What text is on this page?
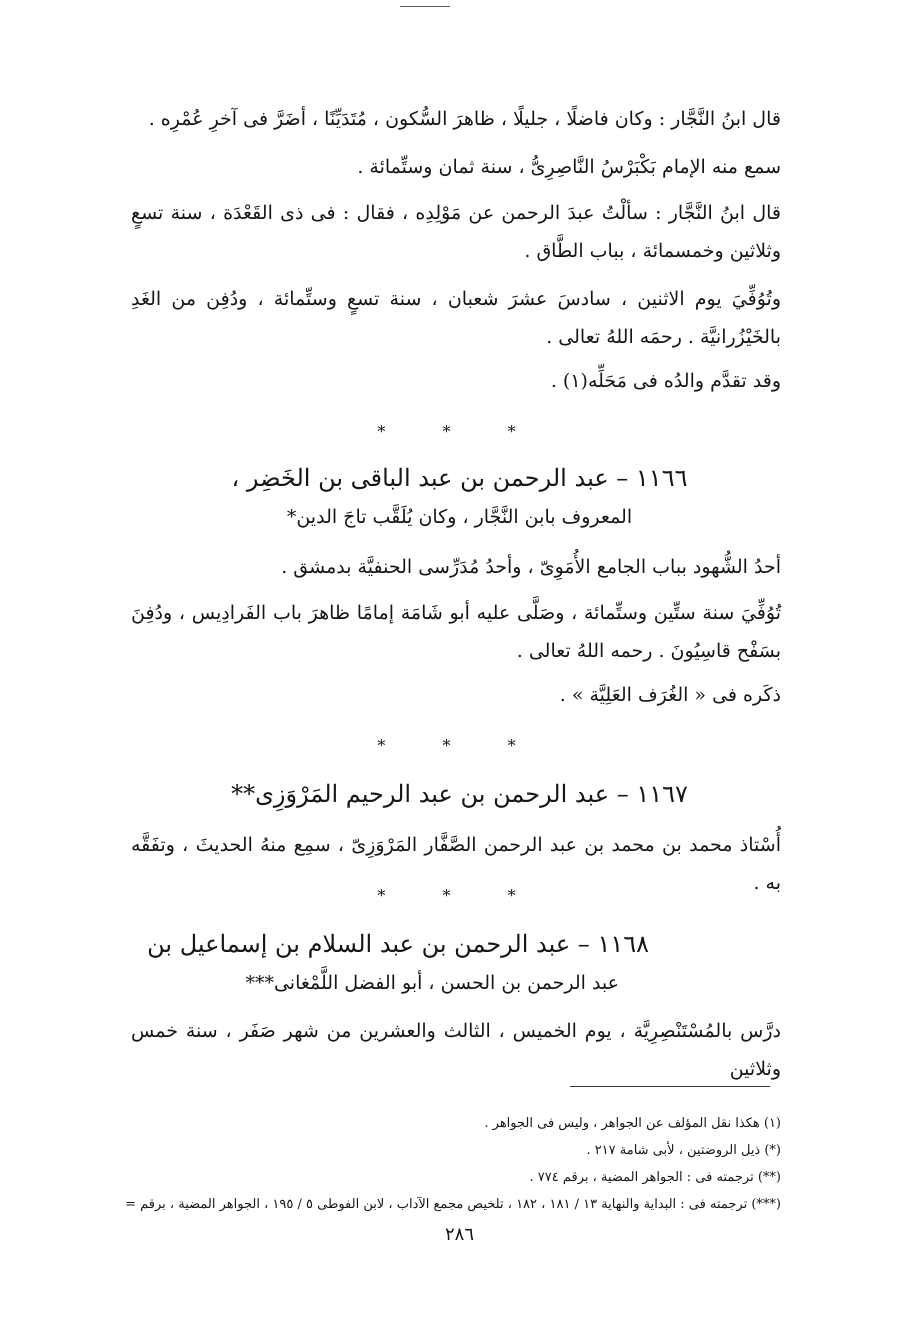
قال ابنُ النَّجَّار : وكان فاضلًا ، جليلًا ، ظاهرَ السُّكون ، مُتَدَيِّنًا ، أضَرَّ فى آخرِ عُمْرِه .
سمع منه الإمام بَكْبَرْسُ النَّاصِرِىُّ ، سنة ثمان وستِّمائة .
قال ابنُ النَّجَّار : سألْتُ عبدَ الرحمن عن مَوْلِدِه ، فقال : فى ذى القَعْدَة ، سنة تسعٍ وثلاثين وخمسمائة ، بباب الطَّاق .
وتُوُفِّيَ يوم الاثنين ، سادسَ عشرَ شعبان ، سنة تسعٍ وستِّمائة ، ودُفِن من الغَدِ بالخَيْزُرانيَّة . رحمَه اللهُ تعالى .
وقد تقدَّم والدُه فى مَحَلِّه(١) .
* * *
١١٦٦ – عبد الرحمن بن عبد الباقى بن الخَضِر ،
المعروف بابن النَّجَّار ، وكان يُلَقَّب تاجَ الدين*
أحدُ الشُّهود بباب الجامع الأُمَوِىّ ، وأحدُ مُدَرِّسى الحنفيَّة بدمشق .
تُوُفِّيَ سنة ستِّين وستِّمائة ، وصَلَّى عليه أبو شَامَة إمامًا ظاهرَ باب الفَرادِيس ، ودُفِنَ بسَفْح قاسِيُونَ . رحمه اللهُ تعالى .
ذكَره فى « الغُرَف العَلِيَّة » .
* * *
١١٦٧ – عبد الرحمن بن عبد الرحيم المَرْوَزِى**
أُسْتاذ محمد بن محمد بن عبد الرحمن الصَّفَّار المَرْوَزِىّ ، سمِع منهُ الحديثَ ، وتفَقَّه به .
* * *
١١٦٨ – عبد الرحمن بن عبد السلام بن إسماعيل بن
عبد الرحمن بن الحسن ، أبو الفضل اللَّمْغانى***
درَّس بالمُسْتَنْصِرِيَّة ، يوم الخميس ، الثالث والعشرين من شهر صَفَر ، سنة خمس وثلاثين
(١) هكذا نقل المؤلف عن الجواهر ، وليس فى الجواهر .
(*) ذيل الروضتين ، لأبى شامة ٢١٧ .
(**) ترجمته فى : الجواهر المضية ، برقم ٧٧٤ .
(***) ترجمته فى : البداية والنهاية ١٣ / ١٨١ ، ١٨٢ ، تلخيص مجمع الآداب ، لابن الفوطى ٥ / ١٩٥ ، الجواهر المضية ، برقم =
٢٨٦
